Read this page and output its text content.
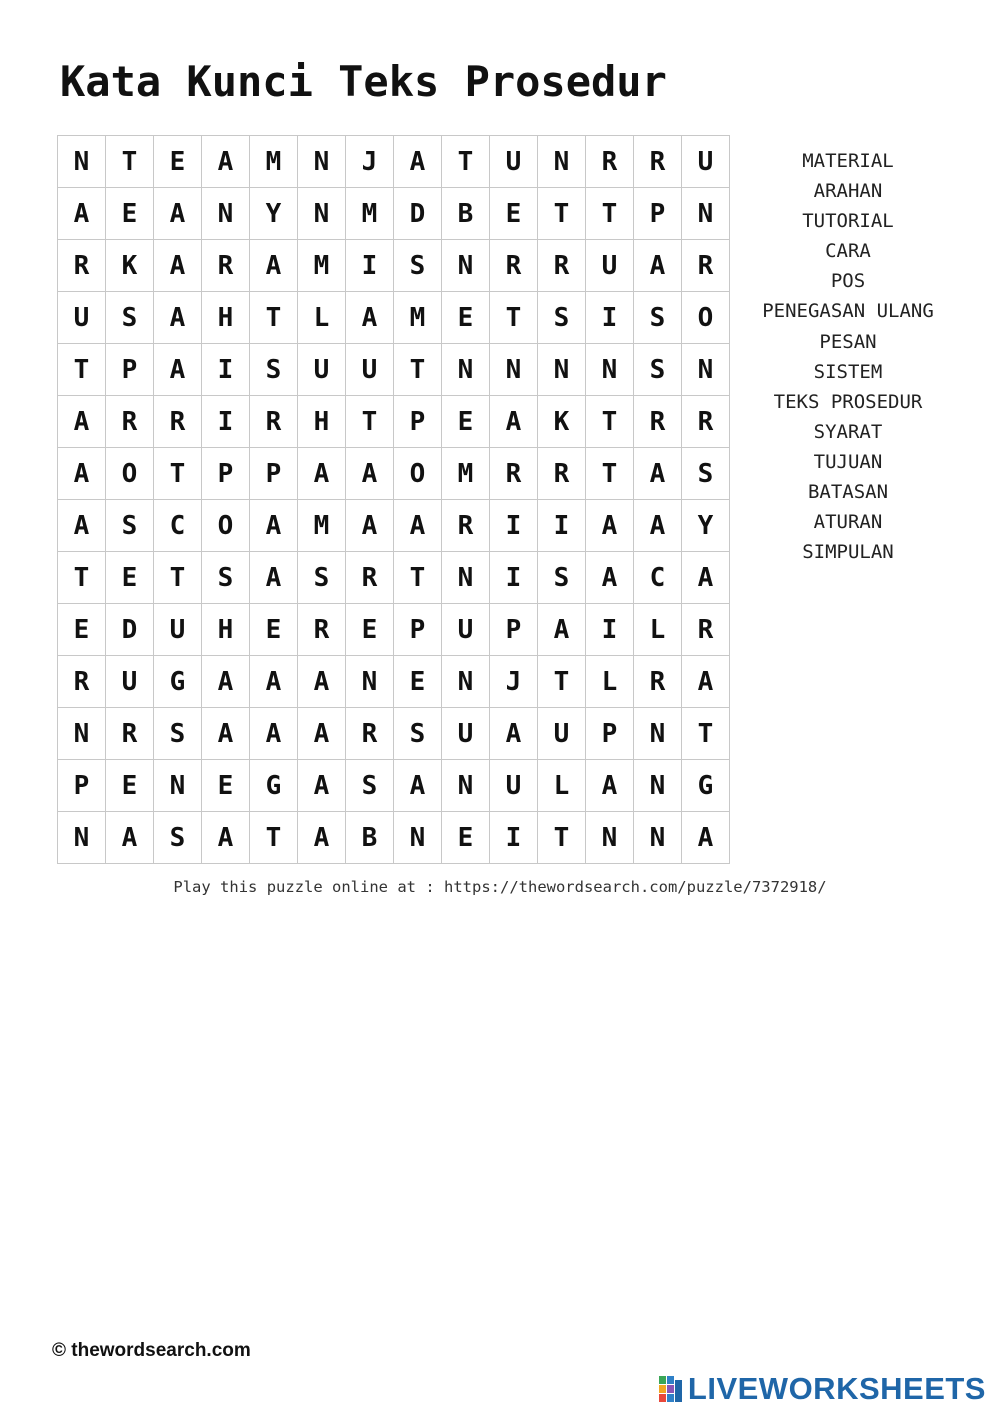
Kata Kunci Teks Prosedur
N	T	E	A	M	N	J	A	T	U	N	R	R	U
A	E	A	N	Y	N	M	D	B	E	T	T	P	N
R	K	A	R	A	M	I	S	N	R	R	U	A	R
U	S	A	H	T	L	A	M	E	T	S	I	S	O
T	P	A	I	S	U	U	T	N	N	N	N	S	N
A	R	R	I	R	H	T	P	E	A	K	T	R	R
A	O	T	P	P	A	A	O	M	R	R	T	A	S
A	S	C	O	A	M	A	A	R	I	I	A	A	Y
T	E	T	S	A	S	R	T	N	I	S	A	C	A
E	D	U	H	E	R	E	P	U	P	A	I	L	R
R	U	G	A	A	A	N	E	N	J	T	L	R	A
N	R	S	A	A	A	R	S	U	A	U	P	N	T
P	E	N	E	G	A	S	A	N	U	L	A	N	G
N	A	S	A	T	A	B	N	E	I	T	N	N	A
MATERIAL
ARAHAN
TUTORIAL
CARA
POS
PENEGASAN ULANG
PESAN
SISTEM
TEKS PROSEDUR
SYARAT
TUJUAN
BATASAN
ATURAN
SIMPULAN
Play this puzzle online at : https://thewordsearch.com/puzzle/7372918/
© thewordsearch.com
LIVEWORKSHEETS
